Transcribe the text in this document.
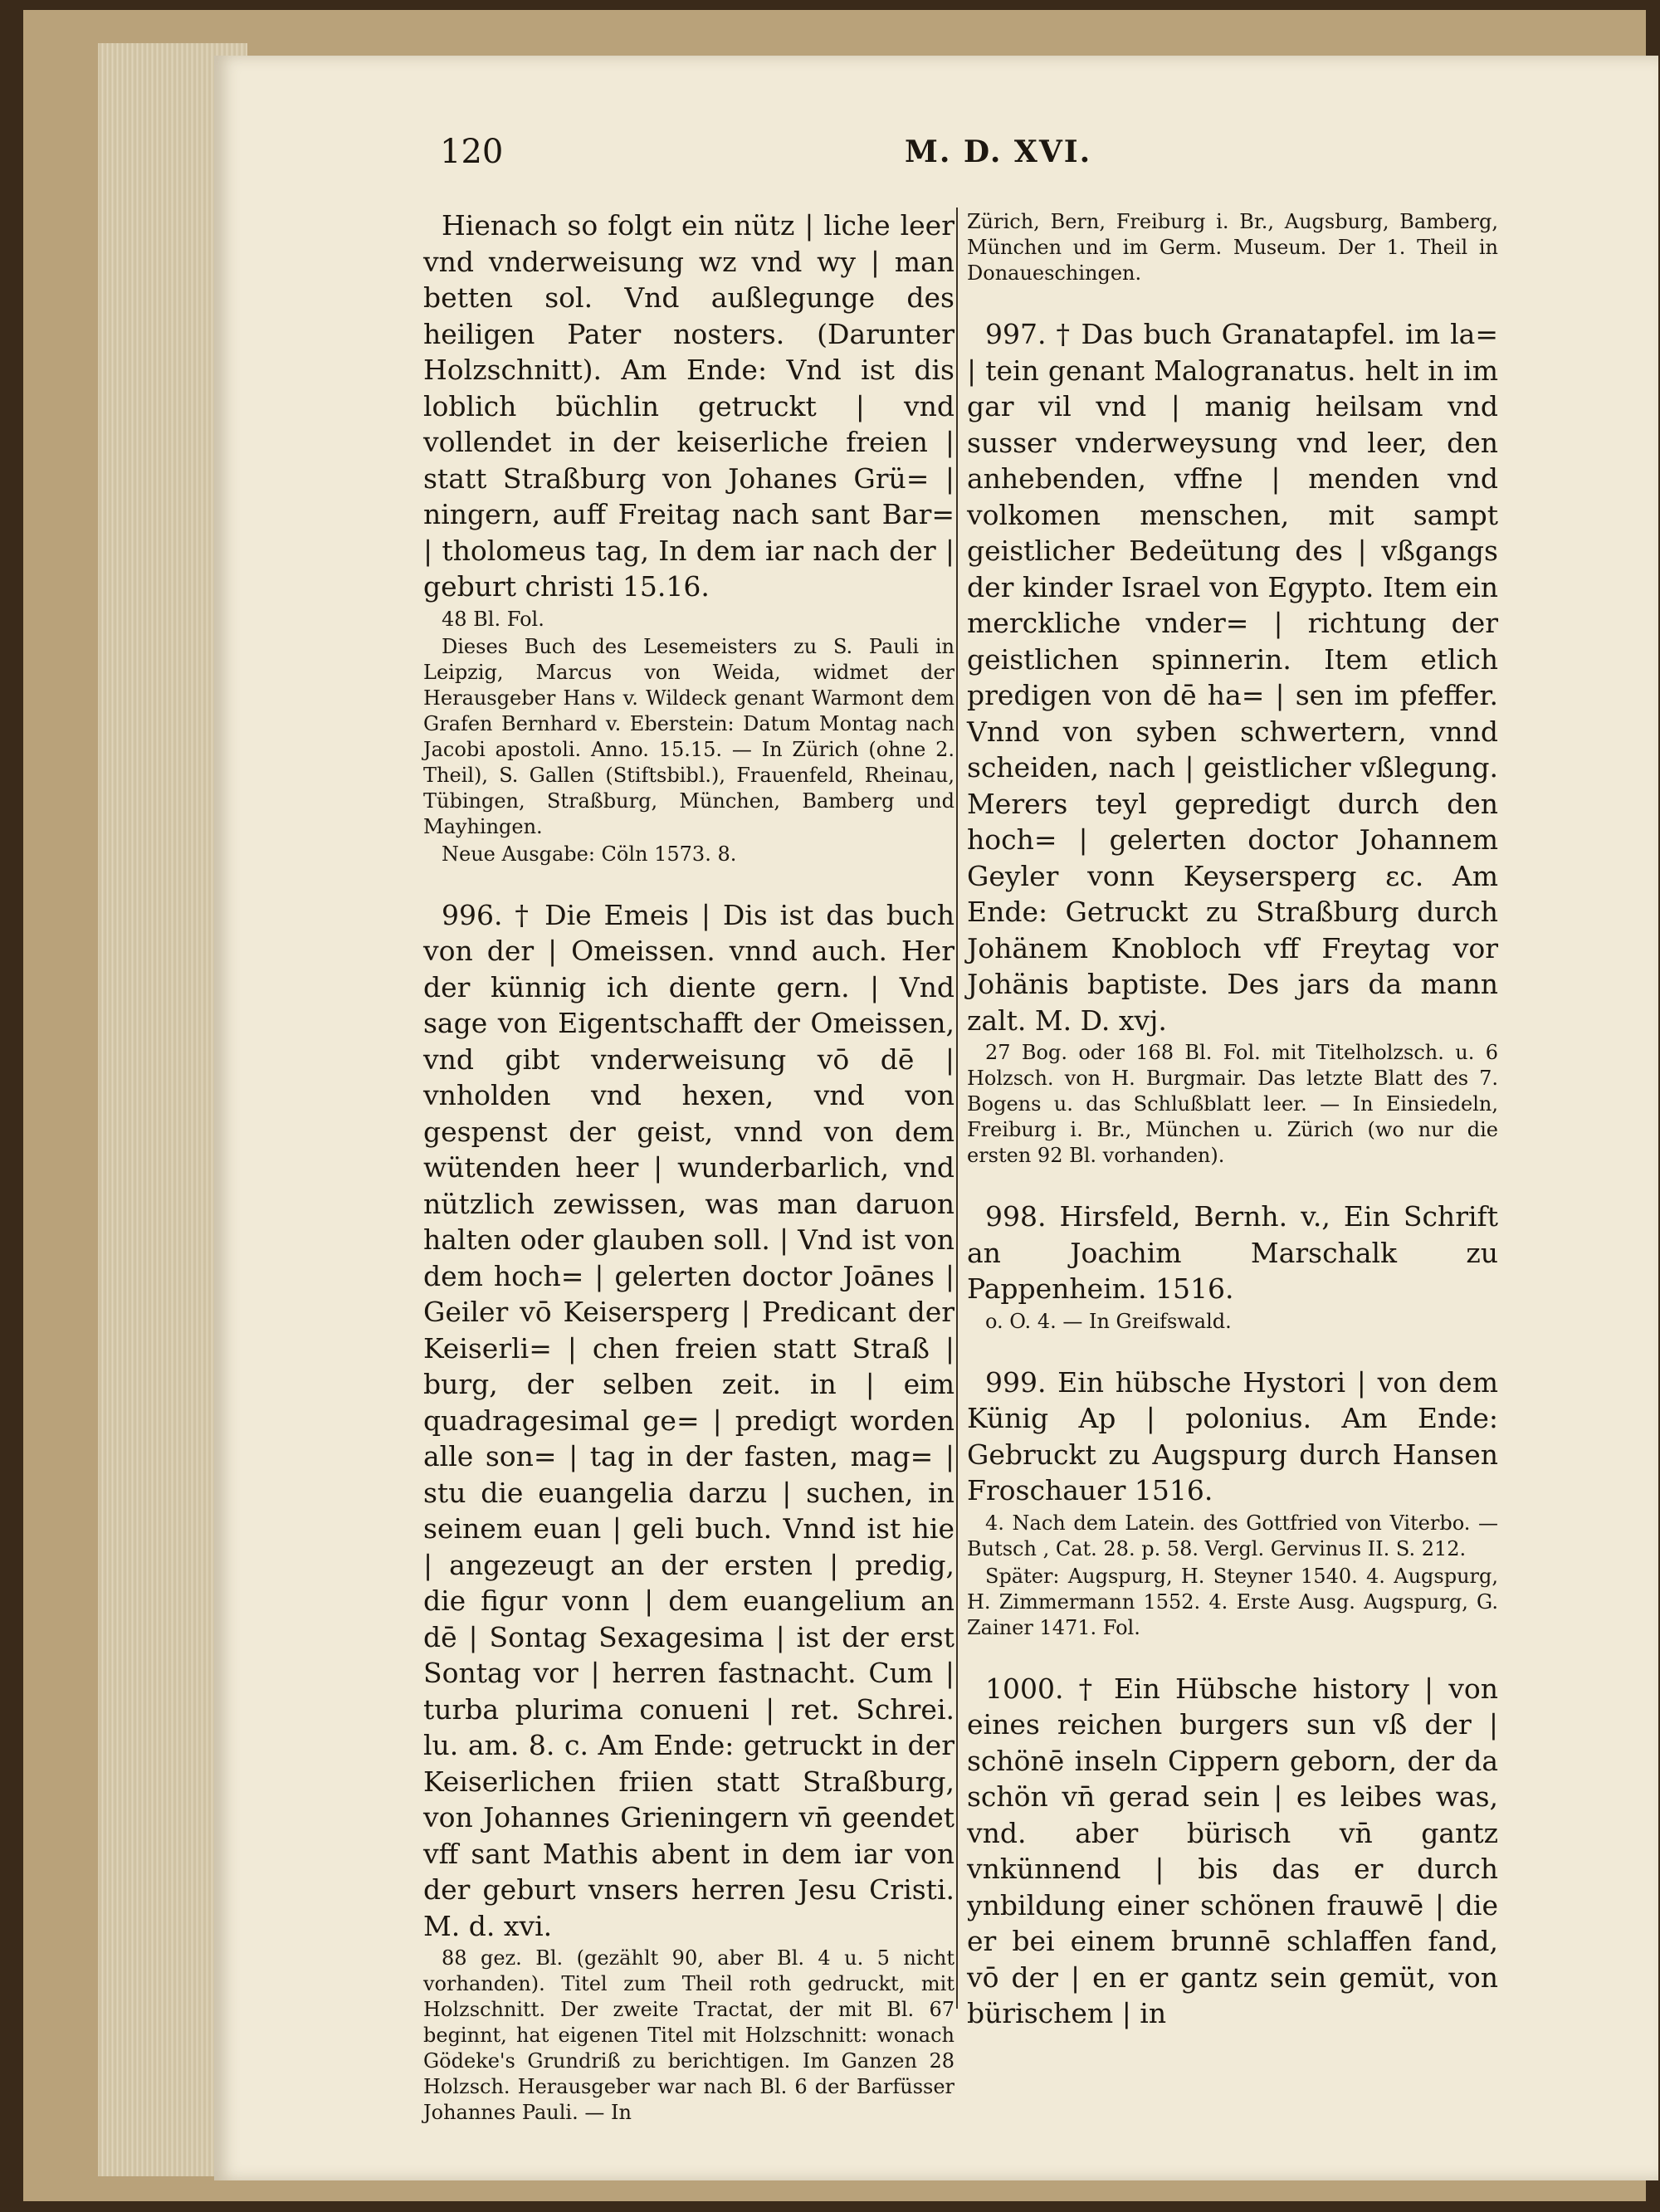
120	M. D. XVI.

Hienach so folgt ein nütz | liche leer vnd vnderweisung wz vnd wy | man betten sol. Vnd außlegunge des heiligen Pater nosters. (Darunter Holzschnitt). Am Ende: Vnd ist dis loblich büchlin getruckt | vnd vollendet in der keiserliche freien | statt Straßburg von Johanes Grü= | ningern, auff Freitag nach sant Bar= | tholomeus tag, In dem iar nach der | geburt christi 15.16.

48 Bl. Fol.

Dieses Buch des Lesemeisters zu S. Pauli in Leipzig, Marcus von Weida, widmet der Herausgeber Hans v. Wildeck genant Warmont dem Grafen Bernhard v. Eberstein: Datum Montag nach Jacobi apostoli. Anno. 15.15. — In Zürich (ohne 2. Theil), S. Gallen (Stiftsbibl.), Frauenfeld, Rheinau, Tübingen, Straßburg, München, Bamberg und Mayhingen.

Neue Ausgabe: Cöln 1573. 8.

996. † Die Emeis | Dis ist das buch von der | Omeissen. vnnd auch. Her der künnig ich diente gern. | Vnd sage von Eigentschafft der Omeissen, vnd gibt vnderweisung vō dē | vnholden vnd hexen, vnd von gespenst der geist, vnnd von dem wütenden heer | wunderbarlich, vnd nützlich zewissen, was man daruon halten oder glauben soll. | Vnd ist von dem hoch= | gelerten doctor Joānes | Geiler vō Keisersperg | Predicant der Keiserli= | chen freien statt Straß | burg, der selben zeit. in | eim quadragesimal ge= | predigt worden alle son= | tag in der fasten, mag= | stu die euangelia darzu | suchen, in seinem euan | geli buch. Vnnd ist hie | angezeugt an der ersten | predig, die figur vonn | dem euangelium an dē | Sontag Sexagesima | ist der erst Sontag vor | herren fastnacht. Cum | turba plurima conueni | ret. Schrei. lu. am. 8. c. Am Ende: getruckt in der Keiserlichen friien statt Straßburg, von Johannes Grieningern vn̄ geendet vff sant Mathis abent in dem iar von der geburt vnsers herren Jesu Cristi. M. d. xvi.

88 gez. Bl. (gezählt 90, aber Bl. 4 u. 5 nicht vorhanden). Titel zum Theil roth gedruckt, mit Holzschnitt. Der zweite Tractat, der mit Bl. 67 beginnt, hat eigenen Titel mit Holzschnitt: wonach Gödeke's Grundriß zu berichtigen. Im Ganzen 28 Holzsch. Herausgeber war nach Bl. 6 der Barfüsser Johannes Pauli. — In

Zürich, Bern, Freiburg i. Br., Augsburg, Bamberg, München und im Germ. Museum. Der 1. Theil in Donaueschingen.

997. † Das buch Granatapfel. im la= | tein genant Malogranatus. helt in im gar vil vnd | manig heilsam vnd susser vnderweysung vnd leer, den anhebenden, vffne | menden vnd volkomen menschen, mit sampt geistlicher Bedeütung des | vßgangs der kinder Israel von Egypto. Item ein merckliche vnder= | richtung der geistlichen spinnerin. Item etlich predigen von dē ha= | sen im pfeffer. Vnnd von syben schwertern, vnnd scheiden, nach | geistlicher vßlegung. Merers teyl gepredigt durch den hoch= | gelerten doctor Johannem Geyler vonn Keysersperg ɛc. Am Ende: Getruckt zu Straßburg durch Johänem Knobloch vff Freytag vor Johänis baptiste. Des jars da mann zalt. M. D. xvj.

27 Bog. oder 168 Bl. Fol. mit Titelholzsch. u. 6 Holzsch. von H. Burgmair. Das letzte Blatt des 7. Bogens u. das Schlußblatt leer. — In Einsiedeln, Freiburg i. Br., München u. Zürich (wo nur die ersten 92 Bl. vorhanden).

998. Hirsfeld, Bernh. v., Ein Schrift an Joachim Marschalk zu Pappenheim. 1516.

o. O. 4. — In Greifswald.

999. Ein hübsche Hystori | von dem Künig Ap | polonius. Am Ende: Gebruckt zu Augspurg durch Hansen Froschauer 1516.

4. Nach dem Latein. des Gottfried von Viterbo. — Butsch , Cat. 28. p. 58. Vergl. Gervinus II. S. 212.

Später: Augspurg, H. Steyner 1540. 4. Augspurg, H. Zimmermann 1552. 4. Erste Ausg. Augspurg, G. Zainer 1471. Fol.

1000. † Ein Hübsche history | von eines reichen burgers sun vß der | schönē inseln Cippern geborn, der da schön vn̄ gerad sein | es leibes was, vnd. aber bürisch vn̄ gantz vnkünnend | bis das er durch ynbildung einer schönen frauwē | die er bei einem brunnē schlaffen fand, vō der | en er gantz sein gemüt, von bürischem | in
